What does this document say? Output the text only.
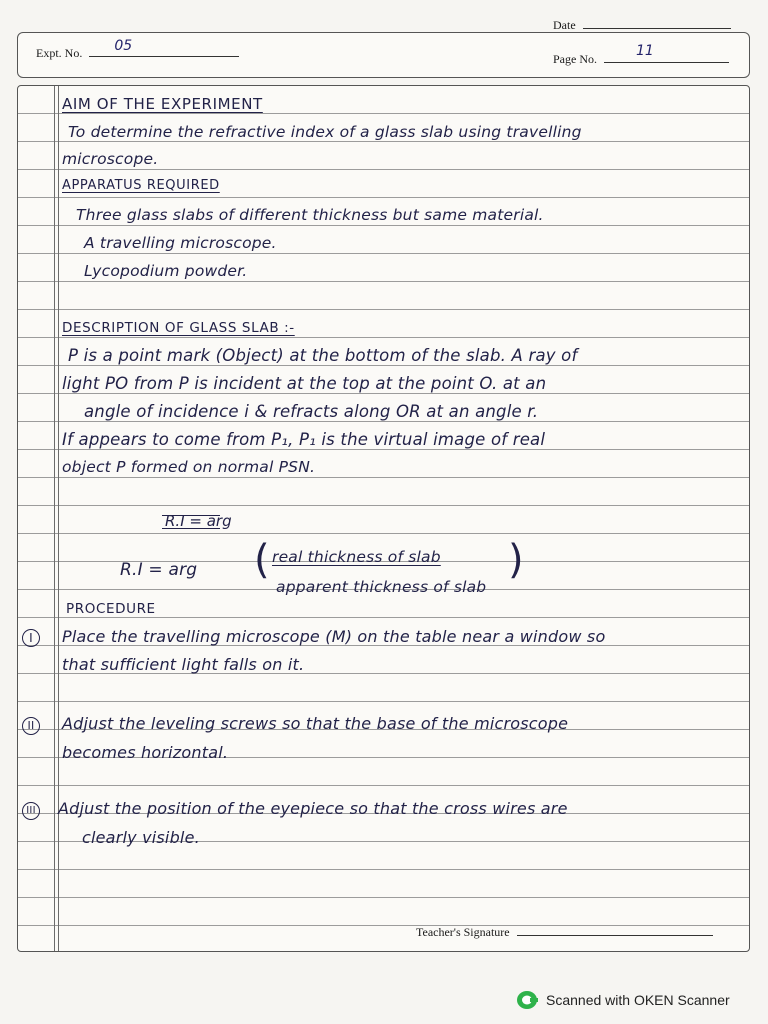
Date
Expt. No. 05
Page No.	11
AIM OF THE EXPERIMENT
To determine the refractive index of a glass slab using travelling
microscope.
APPARATUS REQUIRED
Three glass slabs of different thickness but same material.
A travelling microscope.
Lycopodium powder.
DESCRIPTION OF GLASS SLAB :-
P is a point mark (Object) at the bottom of the slab. A ray of
light PO from P is incident at the top at the point O. at an
angle of incidence i & refracts along OR at an angle r.
If appears to come from P₁, P₁ is the virtual image of real
object P formed on normal PSN.
PROCEDURE
I	Place the travelling microscope (M) on the table near a window so
that sufficient light falls on it.
II	Adjust the leveling screws so that the base of the microscope
becomes horizontal.
III Adjust the position of the eyepiece so that the cross wires are
clearly visible.
R.I = arg
R.I = arg ( real thickness of slab
apparent thickness of slab
)
Teacher's Signature
Scanned with OKEN Scanner
